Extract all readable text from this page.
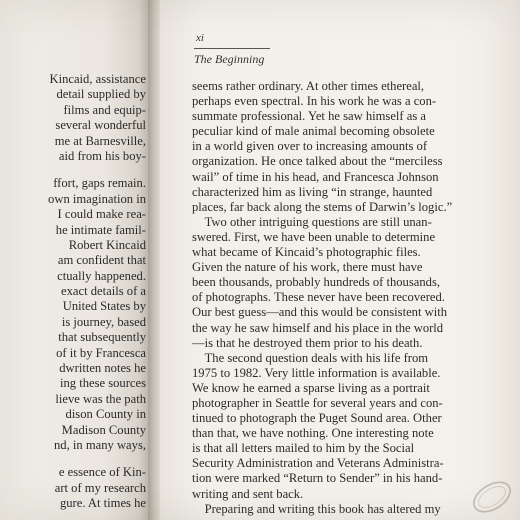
Kincaid, assistance
detail supplied by
films and equip-
several wonderful
me at Barnesville,
aid from his boy-
ffort, gaps remain.
own imagination in
I could make rea-
he intimate famil-
Robert Kincaid
am confident that
ctually happened.
exact details of a
United States by
is journey, based
that subsequently
of it by Francesca
dwritten notes he
ing these sources
lieve was the path
dison County in
Madison County
nd, in many ways,
e essence of Kin-
art of my research
gure. At times he
xi
The Beginning
seems rather ordinary. At other times ethereal,
perhaps even spectral. In his work he was a con-
summate professional. Yet he saw himself as a
peculiar kind of male animal becoming obsolete
in a world given over to increasing amounts of
organization. He once talked about the “merciless
wail” of time in his head, and Francesca Johnson
characterized him as living “in strange, haunted
places, far back along the stems of Darwin’s logic.”
 Two other intriguing questions are still unan-
swered. First, we have been unable to determine
what became of Kincaid’s photographic files.
Given the nature of his work, there must have
been thousands, probably hundreds of thousands,
of photographs. These never have been recovered.
Our best guess—and this would be consistent with
the way he saw himself and his place in the world
—is that he destroyed them prior to his death.
 The second question deals with his life from
1975 to 1982. Very little information is available.
We know he earned a sparse living as a portrait
photographer in Seattle for several years and con-
tinued to photograph the Puget Sound area. Other
than that, we have nothing. One interesting note
is that all letters mailed to him by the Social
Security Administration and Veterans Administra-
tion were marked “Return to Sender” in his hand-
writing and sent back.
 Preparing and writing this book has altered my
